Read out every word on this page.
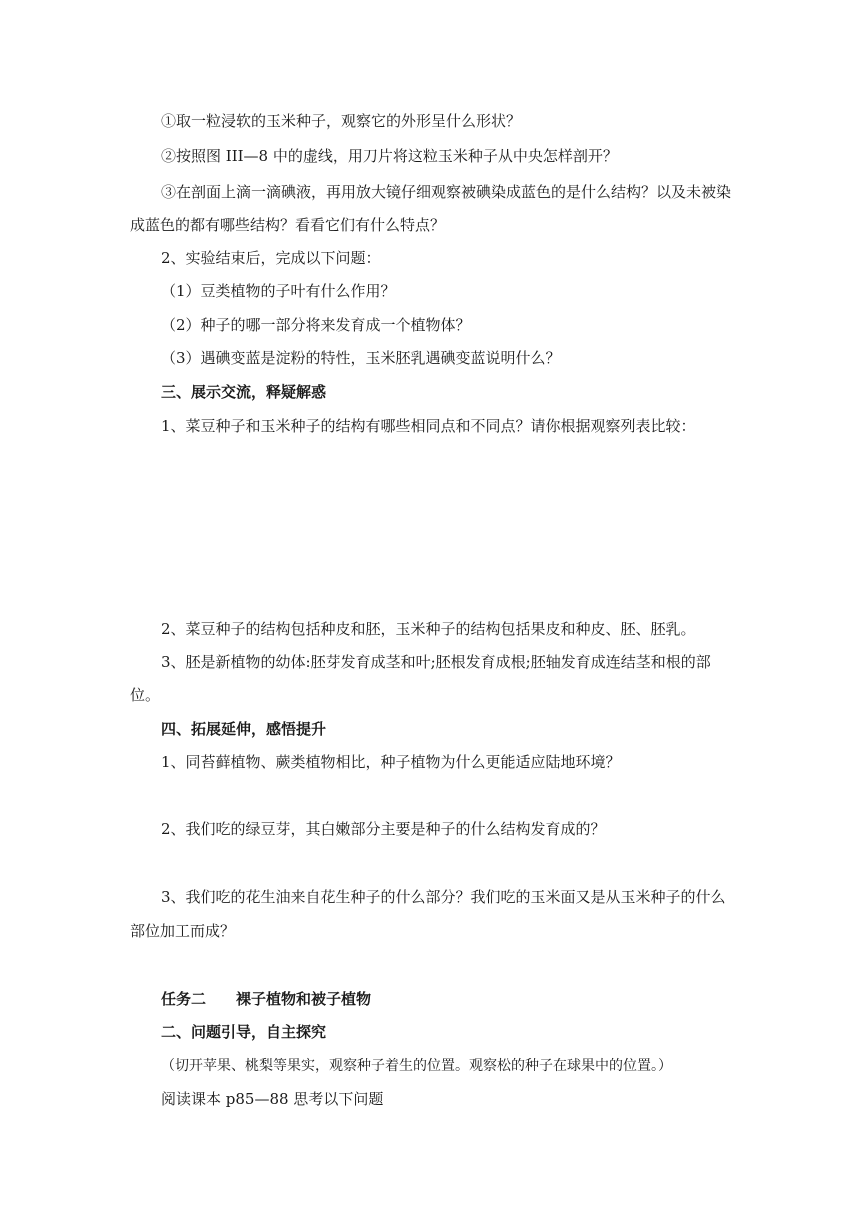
①取一粒浸软的玉米种子，观察它的外形呈什么形状？
②按照图 III—8 中的虚线，用刀片将这粒玉米种子从中央怎样剖开？
③在剖面上滴一滴碘液，再用放大镜仔细观察被碘染成蓝色的是什么结构？以及未被染
成蓝色的都有哪些结构？看看它们有什么特点？
2、实验结束后，完成以下问题：
（1）豆类植物的子叶有什么作用？
（2）种子的哪一部分将来发育成一个植物体？
（3）遇碘变蓝是淀粉的特性，玉米胚乳遇碘变蓝说明什么？
三、展示交流，释疑解惑
1、菜豆种子和玉米种子的结构有哪些相同点和不同点？请你根据观察列表比较：
2、菜豆种子的结构包括种皮和胚，玉米种子的结构包括果皮和种皮、胚、胚乳。
3、胚是新植物的幼体:胚芽发育成茎和叶;胚根发育成根;胚轴发育成连结茎和根的部
位。
四、拓展延伸，感悟提升
1、同苔藓植物、蕨类植物相比，种子植物为什么更能适应陆地环境？
2、我们吃的绿豆芽，其白嫩部分主要是种子的什么结构发育成的？
3、我们吃的花生油来自花生种子的什么部分？我们吃的玉米面又是从玉米种子的什么
部位加工而成？
任务二　　裸子植物和被子植物
二、问题引导，自主探究
（切开苹果、桃梨等果实，观察种子着生的位置。观察松的种子在球果中的位置。）
阅读课本 p85—88 思考以下问题
